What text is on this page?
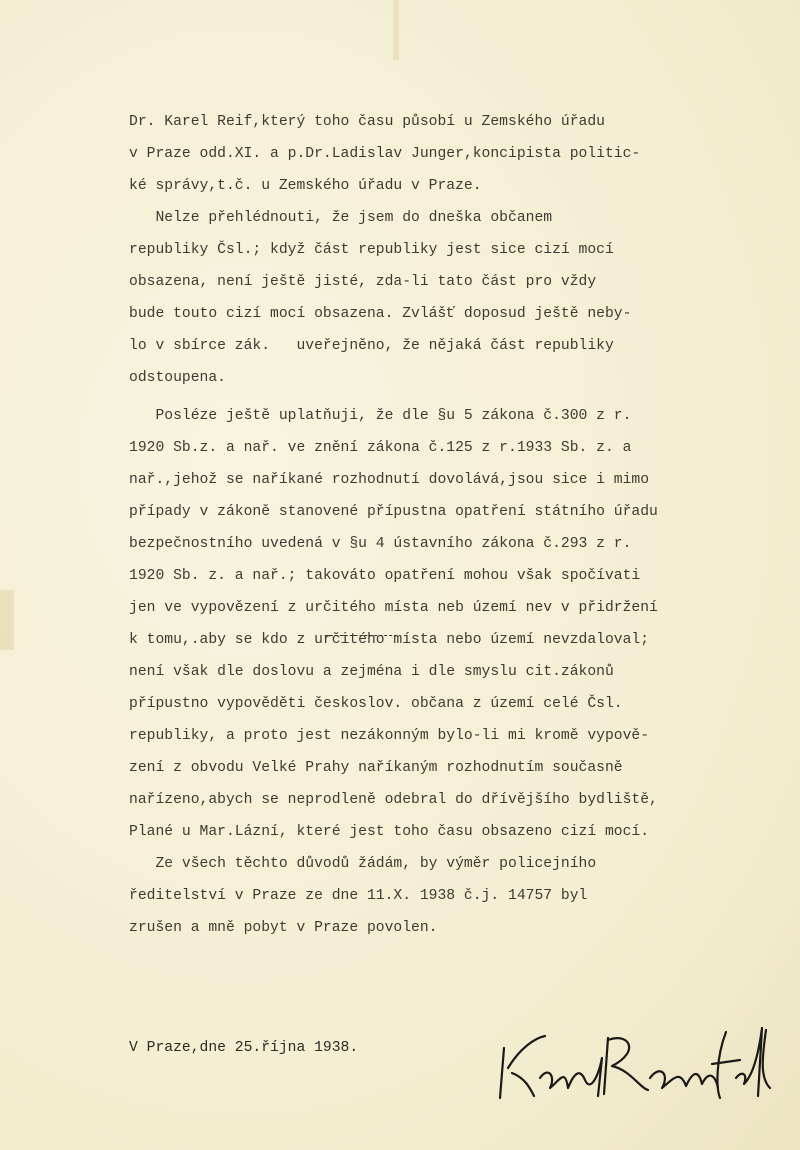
Dr. Karel Reif,který toho času působí u Zemského úřadu
v Praze odd.XI. a p.Dr.Ladislav Junger,koncipista politic-
ké správy,t.č. u Zemského úřadu v Praze.
Nelze přehlédnouti, že jsem do dneška občanem
republiky Čsl.; když část republiky jest sice cizí mocí
obsazena, není ještě jisté, zda-li tato část pro vždy
bude touto cizí mocí obsazena. Zvlášť doposud ještě neby-
lo v sbírce zák.   uveřejněno, že nějaká část republiky
odstoupena.
Posléze ještě uplatňuji, že dle §u 5 zákona č.300 z r.
1920 Sb.z. a nař. ve znění zákona č.125 z r.1933 Sb. z. a
nař.,jehož se naříkané rozhodnutí dovolává,jsou sice i mimo
případy v zákoně stanovené přípustna opatření státního úřadu
bezpečnostního uvedená v §u 4 ústavního zákona č.293 z r.
1920 Sb. z. a nař.; takováto opatření mohou však spočívati
jen ve vypovězení z určitého místa neb území nev v přidržení
k tomu,.aby se kdo z určitého místa nebo území nevzdaloval;
není však dle doslovu a zejména i dle smyslu cit.zákonů
přípustno vypověděti českoslov. občana z území celé Čsl.
republiky, a proto jest nezákonným bylo-li mi kromě vypově-
zení z obvodu Velké Prahy naříkaným rozhodnutím současně
nařízeno,abych se neprodleně odebral do dřívějšího bydliště,
Plané u Mar.Lázní, které jest toho času obsazeno cizí mocí.
Ze všech těchto důvodů žádám, by výměr policejního
ředitelství v Praze ze dne 11.X. 1938 č.j. 14757 byl
zrušen a mně pobyt v Praze povolen.
V Praze,dne 25.října 1938.
